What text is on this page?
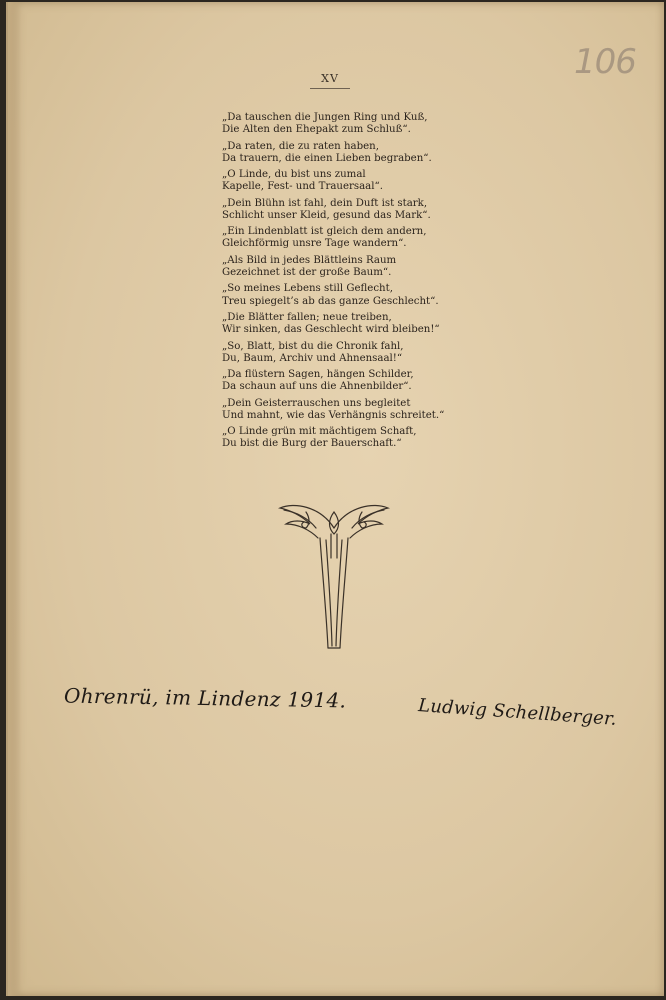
106
XV
„Da tauschen die Jungen Ring und Kuß,
Die Alten den Ehepakt zum Schluß“.
„Da raten, die zu raten haben,
Da trauern, die einen Lieben begraben“.
„O Linde, du bist uns zumal
Kapelle, Fest- und Trauersaal“.
„Dein Blühn ist fahl, dein Duft ist stark,
Schlicht unser Kleid, gesund das Mark“.
„Ein Lindenblatt ist gleich dem andern,
Gleichförmig unsre Tage wandern“.
„Als Bild in jedes Blättleins Raum
Gezeichnet ist der große Baum“.
„So meines Lebens still Geflecht,
Treu spiegelt’s ab das ganze Geschlecht“.
„Die Blätter fallen; neue treiben,
Wir sinken, das Geschlecht wird bleiben!“
„So, Blatt, bist du die Chronik fahl,
Du, Baum, Archiv und Ahnensaal!“
„Da flüstern Sagen, hängen Schilder,
Da schaun auf uns die Ahnenbilder“.
„Dein Geisterrauschen uns begleitet
Und mahnt, wie das Verhängnis schreitet.“
„O Linde grün mit mächtigem Schaft,
Du bist die Burg der Bauerschaft.“
Ohrenrü, im Lindenz 1914.	Ludwig Schellberger.
